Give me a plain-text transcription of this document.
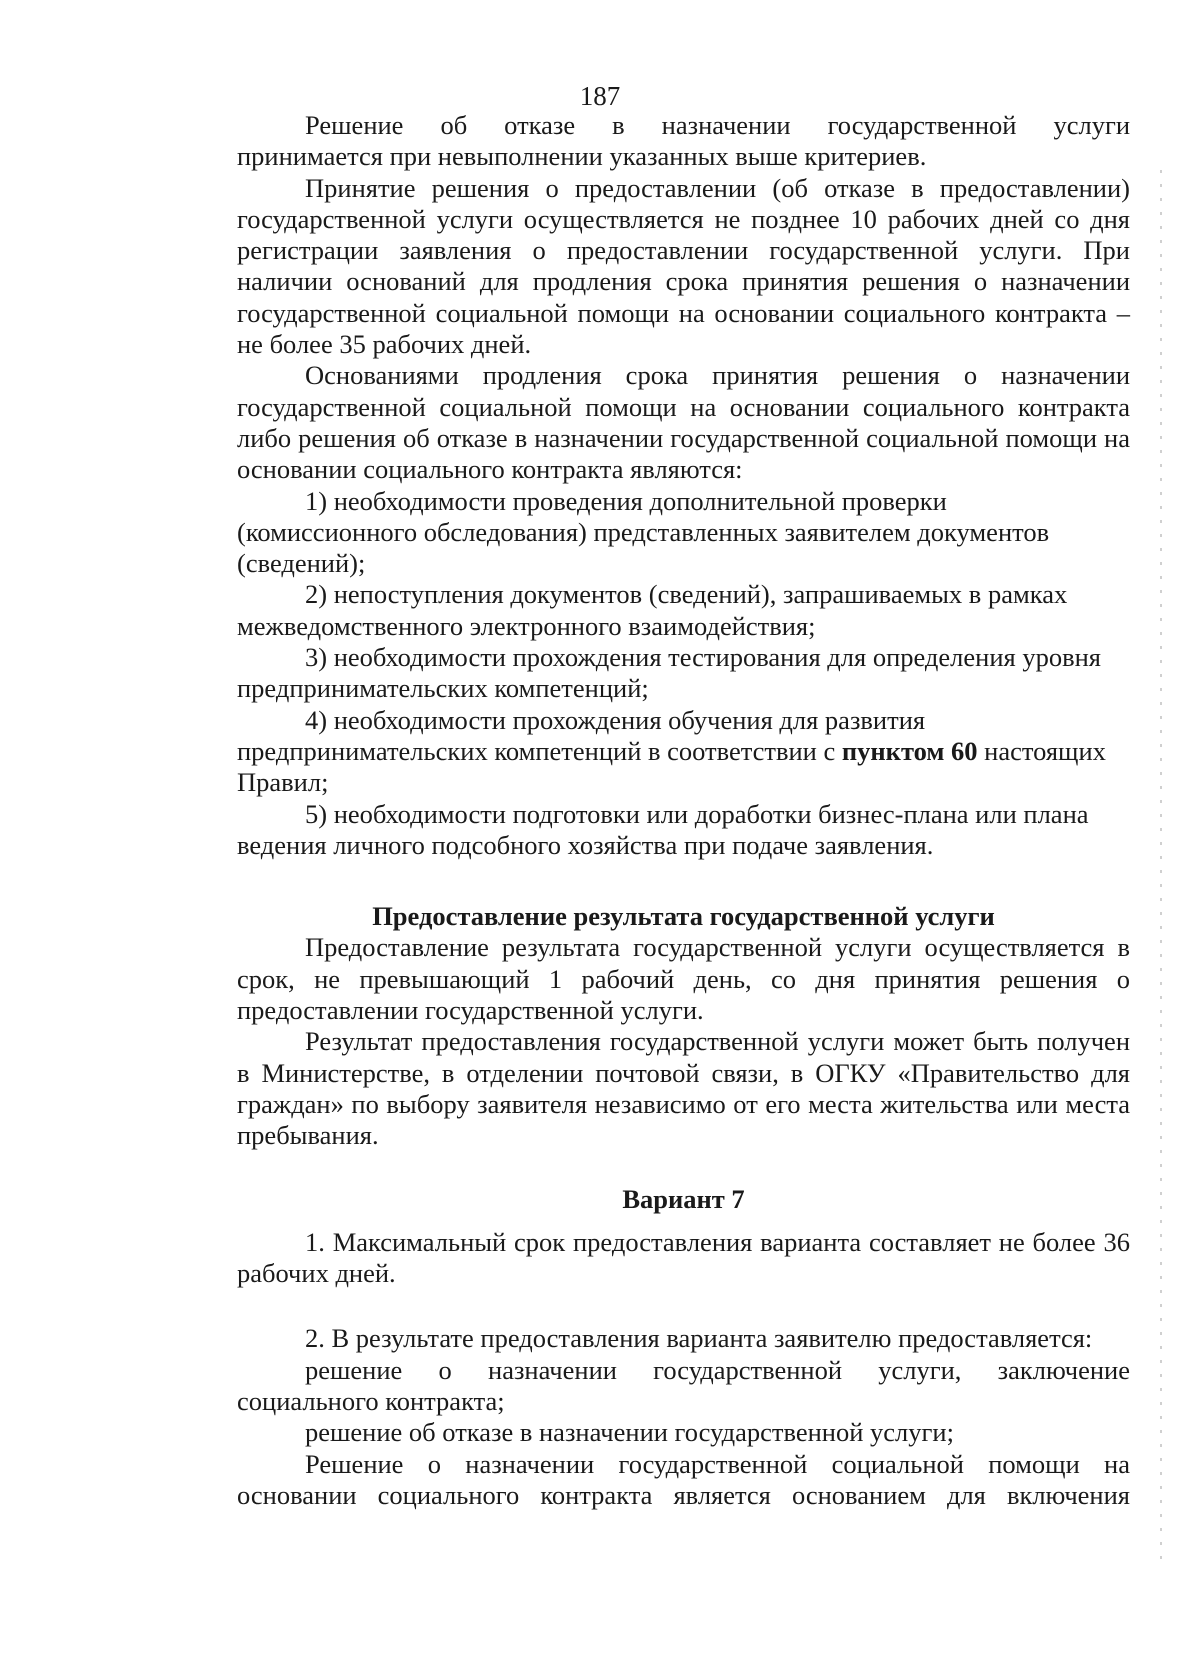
187

Решение об отказе в назначении государственной услуги

принимается при невыполнении указанных выше критериев.

Принятие решения о предоставлении (об отказе в предоставлении) государственной услуги осуществляется не позднее 10 рабочих дней со дня регистрации заявления о предоставлении государственной услуги. При наличии оснований для продления срока принятия решения о назначении государственной социальной помощи на основании социального контракта – не более 35 рабочих дней.

Основаниями продления срока принятия решения о назначении государственной социальной помощи на основании социального контракта либо решения об отказе в назначении государственной социальной помощи на основании социального контракта являются:

1) необходимости проведения дополнительной проверки (комиссионного обследования) представленных заявителем документов (сведений);

2) непоступления документов (сведений), запрашиваемых в рамках межведомственного электронного взаимодействия;

3) необходимости прохождения тестирования для определения уровня предпринимательских компетенций;

4) необходимости прохождения обучения для развития предпринимательских компетенций в соответствии с пунктом 60 настоящих Правил;

5) необходимости подготовки или доработки бизнес-плана или плана ведения личного подсобного хозяйства при подаче заявления.

Предоставление результата государственной услуги

Предоставление результата государственной услуги осуществляется в срок, не превышающий 1 рабочий день, со дня принятия решения о предоставлении государственной услуги.

Результат предоставления государственной услуги может быть получен в Министерстве, в отделении почтовой связи, в ОГКУ «Правительство для граждан» по выбору заявителя независимо от его места жительства или места пребывания.

Вариант 7

1. Максимальный срок предоставления варианта составляет не более 36 рабочих дней.

2. В результате предоставления варианта заявителю предоставляется:

решение о назначении государственной услуги, заключение социального контракта;

решение об отказе в назначении государственной услуги;

Решение о назначении государственной социальной помощи на основании социального контракта является основанием для включения
